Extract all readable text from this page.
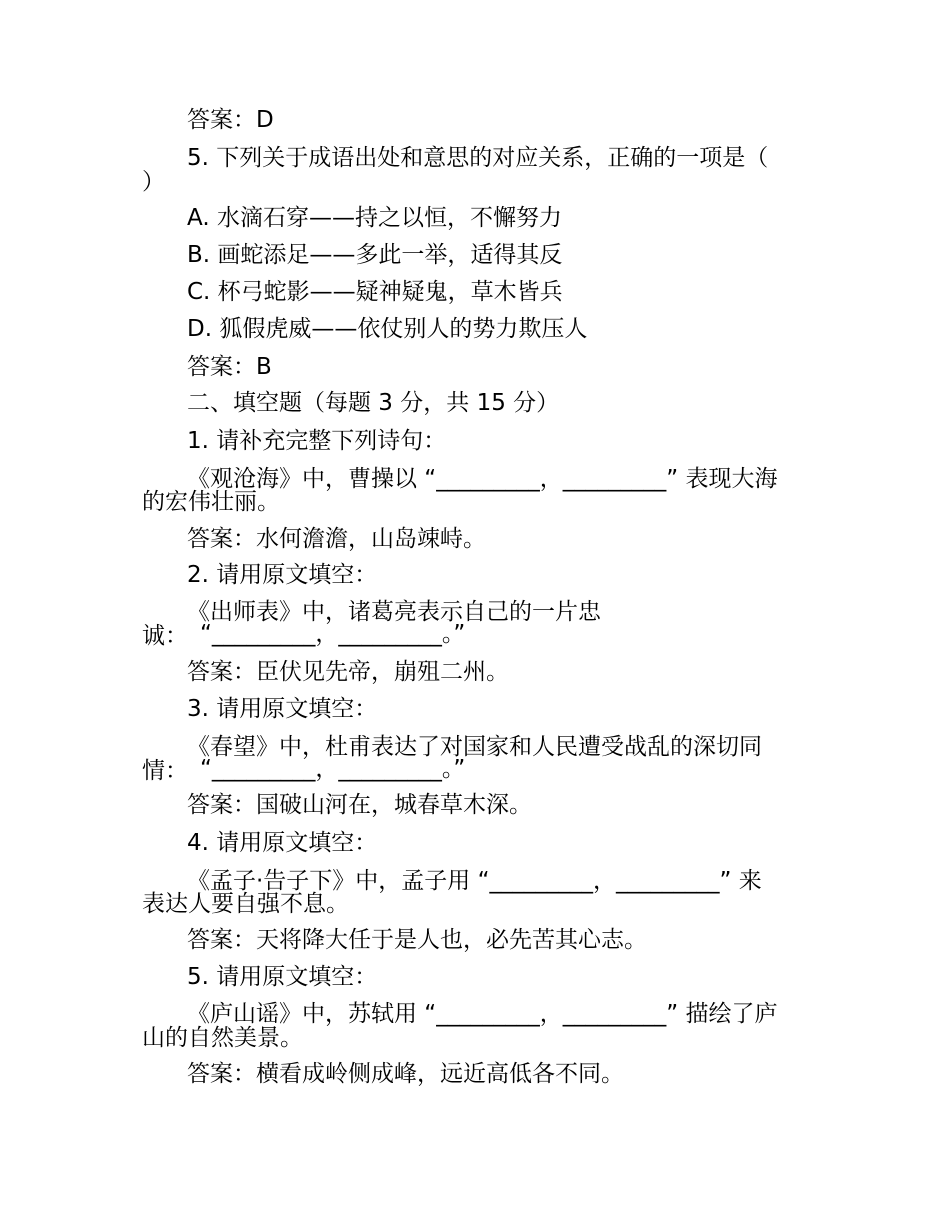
答案：D
5. 下列关于成语出处和意思的对应关系，正确的一项是（
）
A. 水滴石穿——持之以恒，不懈努力
B. 画蛇添足——多此一举，适得其反
C. 杯弓蛇影——疑神疑鬼，草木皆兵
D. 狐假虎威——依仗别人的势力欺压人
答案：B
二、填空题（每题 3 分，共 15 分）
1. 请补充完整下列诗句：
《观沧海》中，曹操以 “_________，_________” 表现大海
的宏伟壮丽。
答案：水何澹澹，山岛竦峙。
2. 请用原文填空：
《出师表》中，诸葛亮表示自己的一片忠
诚： “_________，_________。”
答案：臣伏见先帝，崩殂二州。
3. 请用原文填空：
《春望》中，杜甫表达了对国家和人民遭受战乱的深切同
情： “_________，_________。”
答案：国破山河在，城春草木深。
4. 请用原文填空：
《孟子·告子下》中，孟子用 “_________，_________” 来
表达人要自强不息。
答案：天将降大任于是人也，必先苦其心志。
5. 请用原文填空：
《庐山谣》中，苏轼用 “_________，_________” 描绘了庐
山的自然美景。
答案：横看成岭侧成峰，远近高低各不同。
